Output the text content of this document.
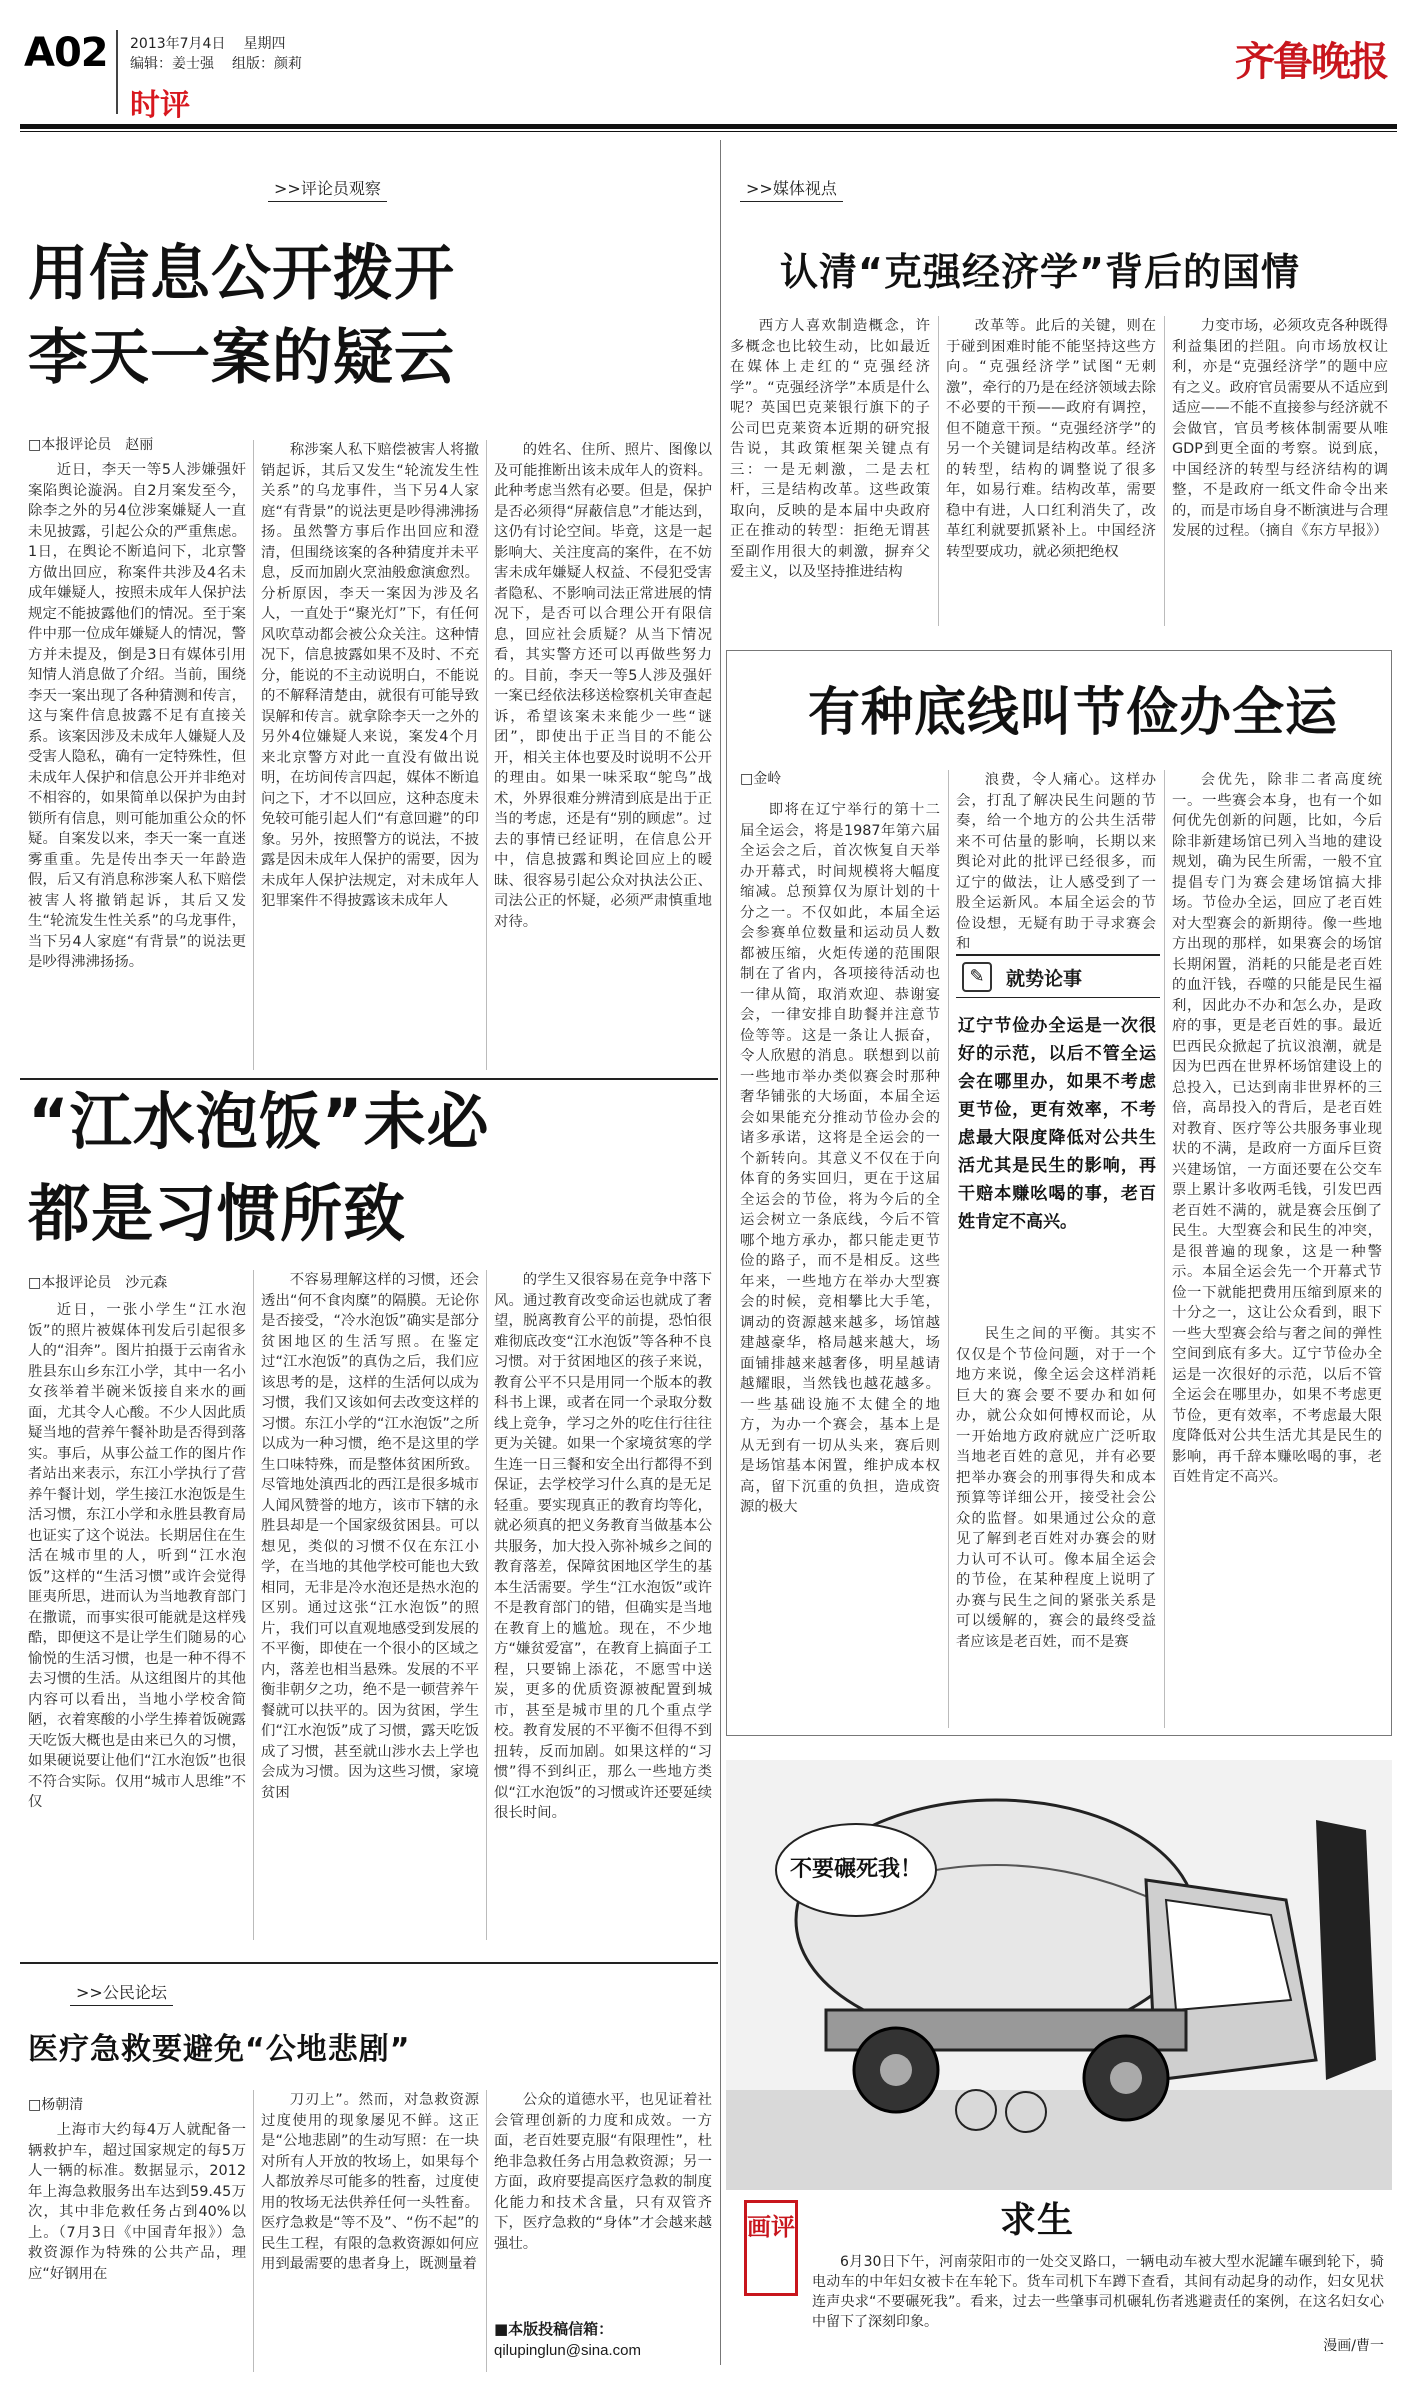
A02 2013年7月4日 星期四
编辑：姜士强 组版：颜莉
时评
齐鲁晚报
>>评论员观察
用信息公开拨开
李天一案的疑云
□本报评论员　赵丽

近日，李天一等5人涉嫌强奸案陷舆论漩涡。自2月案发至今，除李之外的另4位涉案嫌疑人一直未见披露，引起公众的严重焦虑。1日，在舆论不断追问下，北京警方做出回应，称案件共涉及4名未成年嫌疑人，按照未成年人保护法规定不能披露他们的情况。至于案件中那一位成年嫌疑人的情况，警方并未提及，倒是3日有媒体引用知情人消息做了介绍。当前，围绕李天一案出现了各种猜测和传言，这与案件信息披露不足有直接关系。该案因涉及未成年人嫌疑人及受害人隐私，确有一定特殊性，但未成年人保护和信息公开并非绝对不相容的，如果简单以保护为由封锁所有信息，则可能加重公众的怀疑。自案发以来，李天一案一直迷雾重重。先是传出李天一年龄造假，后又有消息称涉案人私下赔偿被害人将撤销起诉，其后又发生“轮流发生性关系”的乌龙事件，当下另4人家庭“有背景”的说法更是吵得沸沸扬扬。

称涉案人私下赔偿被害人将撤销起诉，其后又发生“轮流发生性关系”的乌龙事件，当下另4人家庭“有背景”的说法更是吵得沸沸扬扬。虽然警方事后作出回应和澄清，但围绕该案的各种猜度并未平息，反而加剧火烹油般愈演愈烈。分析原因，李天一案因为涉及名人，一直处于“聚光灯”下，有任何风吹草动都会被公众关注。这种情况下，信息披露如果不及时、不充分，能说的不主动说明白，不能说的不解释清楚由，就很有可能导致误解和传言。就拿除李天一之外的另外4位嫌疑人来说，案发4个月来北京警方对此一直没有做出说明，在坊间传言四起，媒体不断追问之下，才不以回应，这种态度未免较可能引起人们“有意回避”的印象。另外，按照警方的说法，不披露是因未成年人保护的需要，因为未成年人保护法规定，对未成年人犯罪案件不得披露该未成年人

的姓名、住所、照片、图像以及可能推断出该未成年人的资料。此种考虑当然有必要。但是，保护是否必须得“屏蔽信息”才能达到，这仍有讨论空间。毕竟，这是一起影响大、关注度高的案件，在不妨害未成年嫌疑人权益、不侵犯受害者隐私、不影响司法正常进展的情况下，是否可以合理公开有限信息，回应社会质疑？从当下情况看，其实警方还可以再做些努力的。目前，李天一等5人涉及强奸一案已经依法移送检察机关审查起诉，希望该案未来能少一些“谜团”，即使出于正当目的不能公开，相关主体也要及时说明不公开的理由。如果一味采取“鸵鸟”战术，外界很难分辨清到底是出于正当的考虑，还是有“别的顾虑”。过去的事情已经证明，在信息公开中，信息披露和舆论回应上的暧昧、很容易引起公众对执法公正、司法公正的怀疑，必须严肃慎重地对待。

“江水泡饭”未必
都是习惯所致
□本报评论员　沙元森

近日，一张小学生“江水泡饭”的照片被媒体刊发后引起很多人的“泪奔”。图片拍摄于云南省永胜县东山乡东江小学，其中一名小女孩举着半碗米饭接自来水的画面，尤其令人心酸。不少人因此质疑当地的营养午餐补助是否得到落实。事后，从事公益工作的图片作者站出来表示，东江小学执行了营养午餐计划，学生接江水泡饭是生活习惯，东江小学和永胜县教育局也证实了这个说法。长期居住在生活在城市里的人，听到“江水泡饭”这样的“生活习惯”或许会觉得匪夷所思，进而认为当地教育部门在撒谎，而事实很可能就是这样残酷，即便这不是让学生们随易的心愉悦的生活习惯，也是一种不得不去习惯的生活。从这组图片的其他内容可以看出，当地小学校舍简陋，衣着寒酸的小学生捧着饭碗露天吃饭大概也是由来已久的习惯，如果硬说要让他们“江水泡饭”也很不符合实际。仅用“城市人思维”不仅

不容易理解这样的习惯，还会透出“何不食肉糜”的隔膜。无论你是否接受，“冷水泡饭”确实是部分贫困地区的生活写照。在鉴定过“江水泡饭”的真伪之后，我们应该思考的是，这样的生活何以成为习惯，我们又该如何去改变这样的习惯。东江小学的“江水泡饭”之所以成为一种习惯，绝不是这里的学生口味特殊，而是整体贫困所致。尽管地处滇西北的西江是很多城市人闻风赞誉的地方，该市下辖的永胜县却是一个国家级贫困县。可以想见，类似的习惯不仅在东江小学，在当地的其他学校可能也大致相同，无非是冷水泡还是热水泡的区别。通过这张“江水泡饭”的照片，我们可以直观地感受到发展的不平衡，即使在一个很小的区域之内，落差也相当悬殊。发展的不平衡非朝夕之功，绝不是一顿营养午餐就可以扶平的。因为贫困，学生们“江水泡饭”成了习惯，露天吃饭成了习惯，甚至就山涉水去上学也会成为习惯。因为这些习惯，家境贫困

的学生又很容易在竞争中落下风。通过教育改变命运也就成了奢望，脱离教育公平的前提，恐怕很难彻底改变“江水泡饭”等各种不良习惯。对于贫困地区的孩子来说，教育公平不只是用同一个版本的教科书上课，或者在同一个录取分数线上竞争，学习之外的吃住行往往更为关键。如果一个家境贫寒的学生连一日三餐和安全出行都得不到保证，去学校学习什么真的是无足轻重。要实现真正的教育均等化，就必须真的把义务教育当做基本公共服务，加大投入弥补城乡之间的教育落差，保障贫困地区学生的基本生活需要。学生“江水泡饭”或许不是教育部门的错，但确实是当地在教育上的尴尬。现在，不少地方“嫌贫爱富”，在教育上搞面子工程，只要锦上添花，不愿雪中送炭，更多的优质资源被配置到城市，甚至是城市里的几个重点学校。教育发展的不平衡不但得不到扭转，反而加剧。如果这样的“习惯”得不到纠正，那么一些地方类似“江水泡饭”的习惯或许还要延续很长时间。

>>公民论坛
医疗急救要避免“公地悲剧”
□杨朝清

上海市大约每4万人就配备一辆救护车，超过国家规定的每5万人一辆的标准。数据显示，2012年上海急救服务出车达到59.45万次，其中非危救任务占到40%以上。（7月3日《中国青年报》）急救资源作为特殊的公共产品，理应“好钢用在

刀刃上”。然而，对急救资源过度使用的现象屡见不鲜。这正是“公地悲剧”的生动写照：在一块对所有人开放的牧场上，如果每个人都放养尽可能多的牲畜，过度使用的牧场无法供养任何一头牲畜。医疗急救是“等不及”、“伤不起”的民生工程，有限的急救资源如何应用到最需要的患者身上，既测量着

公众的道德水平，也见证着社会管理创新的力度和成效。一方面，老百姓要克服“有限理性”，杜绝非急救任务占用急救资源；另一方面，政府要提高医疗急救的制度化能力和技术含量，只有双管齐下，医疗急救的“身体”才会越来越强壮。

■本版投稿信箱：
qilupinglun@sina.com
>>媒体视点
认清“克强经济学”背后的国情

西方人喜欢制造概念，许多概念也比较生动，比如最近在媒体上走红的“克强经济学”。“克强经济学”本质是什么呢？英国巴克莱银行旗下的子公司巴克莱资本近期的研究报告说，其政策框架关键点有三：一是无刺激，二是去杠杆，三是结构改革。这些政策取向，反映的是本届中央政府正在推动的转型：拒绝无谓甚至副作用很大的刺激，摒弃父爱主义，以及坚持推进结构

改革等。此后的关键，则在于碰到困难时能不能坚持这些方向。“克强经济学”试图“无刺激”，牵行的乃是在经济领域去除不必要的干预——政府有调控，但不随意干预。“克强经济学”的另一个关键词是结构改革。经济的转型，结构的调整说了很多年，如易行难。结构改革，需要稳中有进，人口红利消失了，改革红利就要抓紧补上。中国经济转型要成功，就必须把绝权

力变市场，必须攻克各种既得利益集团的拦阻。向市场放权让利，亦是“克强经济学”的题中应有之义。政府官员需要从不适应到适应——不能不直接参与经济就不会做官，官员考核体制需要从唯GDP到更全面的考察。说到底，中国经济的转型与经济结构的调整，不是政府一纸文件命令出来的，而是市场自身不断演进与合理发展的过程。（摘自《东方早报》）

有种底线叫节俭办全运
□金岭

即将在辽宁举行的第十二届全运会，将是1987年第六届全运会之后，首次恢复自天举办开幕式，时间规模将大幅度缩减。总预算仅为原计划的十分之一。不仅如此，本届全运会参赛单位数量和运动员人数都被压缩，火炬传递的范围限制在了省内，各项接待活动也一律从简，取消欢迎、恭谢宴会，一律安排自助餐并注意节俭等等。这是一条让人振奋，令人欣慰的消息。联想到以前一些地市举办类似赛会时那种奢华铺张的大场面，本届全运会如果能充分推动节俭办会的诸多承诺，这将是全运会的一个新转向。其意义不仅在于向体育的务实回归，更在于这届全运会的节俭，将为今后的全运会树立一条底线，今后不管哪个地方承办，都只能走更节俭的路子，而不是相反。这些年来，一些地方在举办大型赛会的时候，竞相攀比大手笔，调动的资源越来越多，场馆越建越豪华，格局越来越大，场面铺排越来越奢侈，明星越请越耀眼，当然钱也越花越多。一些基础设施不太健全的地方，为办一个赛会，基本上是从无到有一切从头来，赛后则是场馆基本闲置，维护成本权高，留下沉重的负担，造成资源的极大

浪费，令人痛心。这样办会，打乱了解决民生问题的节奏，给一个地方的公共生活带来不可估量的影响，长期以来舆论对此的批评已经很多，而辽宁的做法，让人感受到了一股全运新风。本届全运会的节俭设想，无疑有助于寻求赛会和

✎	就势论事
辽宁节俭办全运是一次很好的示范，以后不管全运会在哪里办，如果不考虑更节俭，更有效率，不考虑最大限度降低对公共生活尤其是民生的影响，再干赔本赚吆喝的事，老百姓肯定不高兴。

民生之间的平衡。其实不仅仅是个节俭问题，对于一个地方来说，像全运会这样消耗巨大的赛会要不要办和如何办，就公众如何博权而论，从一开始地方政府就应广泛听取当地老百姓的意见，并有必要把举办赛会的刑事得失和成本预算等详细公开，接受社会公众的监督。如果通过公众的意见了解到老百姓对办赛会的财力认可不认可。像本届全运会的节俭，在某种程度上说明了办赛与民生之间的紧张关系是可以缓解的，赛会的最终受益者应该是老百姓，而不是赛

会优先，除非二者高度统一。一些赛会本身，也有一个如何优先创新的问题，比如，今后除非新建场馆已列入当地的建设规划，确为民生所需，一般不宜提倡专门为赛会建场馆搞大排场。节俭办全运，回应了老百姓对大型赛会的新期待。像一些地方出现的那样，如果赛会的场馆长期闲置，消耗的只能是老百姓的血汗钱，吞噬的只能是民生福利，因此办不办和怎么办，是政府的事，更是老百姓的事。最近巴西民众掀起了抗议浪潮，就是因为巴西在世界杯场馆建设上的总投入，已达到南非世界杯的三倍，高昂投入的背后，是老百姓对教育、医疗等公共服务事业现状的不满，是政府一方面斥巨资兴建场馆，一方面还要在公交车票上累计多收两毛钱，引发巴西老百姓不满的，就是赛会压倒了民生。大型赛会和民生的冲突，是很普遍的现象，这是一种警示。本届全运会先一个开幕式节俭一下就能把费用压缩到原来的十分之一，这让公众看到，眼下一些大型赛会给与奢之间的弹性空间到底有多大。辽宁节俭办全运是一次很好的示范，以后不管全运会在哪里办，如果不考虑更节俭，更有效率，不考虑最大限度降低对公共生活尤其是民生的影响，再千辞本赚吆喝的事，老百姓肯定不高兴。

不要碾死我！
画评	求生

6月30日下午，河南荥阳市的一处交叉路口，一辆电动车被大型水泥罐车碾到轮下，骑电动车的中年妇女被卡在车轮下。货车司机下车蹲下查看，其间有动起身的动作，妇女见状连声央求“不要碾死我”。看来，过去一些肇事司机碾轧伤者逃避责任的案例，在这名妇女心中留下了深刻印象。

漫画/曹一
